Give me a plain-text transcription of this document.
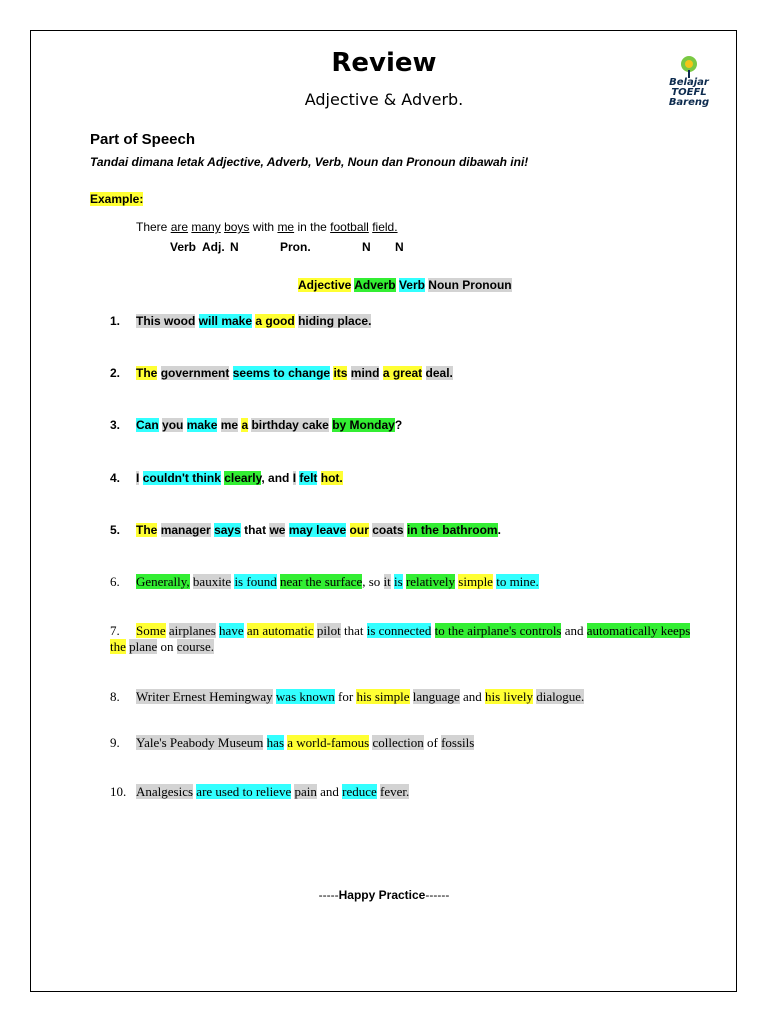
Review
Adjective & Adverb.
Belajar
TOEFL
Bareng
Part of Speech
Tandai dimana letak Adjective, Adverb, Verb, Noun dan Pronoun dibawah ini!
Example:
There are many boys with me in the football field.
Verb Adj. N	Pron.	N N
Adjective Adverb Verb Noun Pronoun
1. This wood will make a good hiding place.
2. The government seems to change its mind a great deal.
3. Can you make me a birthday cake by Monday?
4. I couldn't think clearly, and I felt hot.
5. The manager says that we may leave our coats in the bathroom.
6. Generally, bauxite is found near the surface, so it is relatively simple to mine.
7. Some airplanes have an automatic pilot that is connected to the airplane's controls and automatically keeps the plane on course.
8. Writer Ernest Hemingway was known for his simple language and his lively dialogue.
9. Yale's Peabody Museum has a world-famous collection of fossils
10. Analgesics are used to relieve pain and reduce fever.
-----Happy Practice------
